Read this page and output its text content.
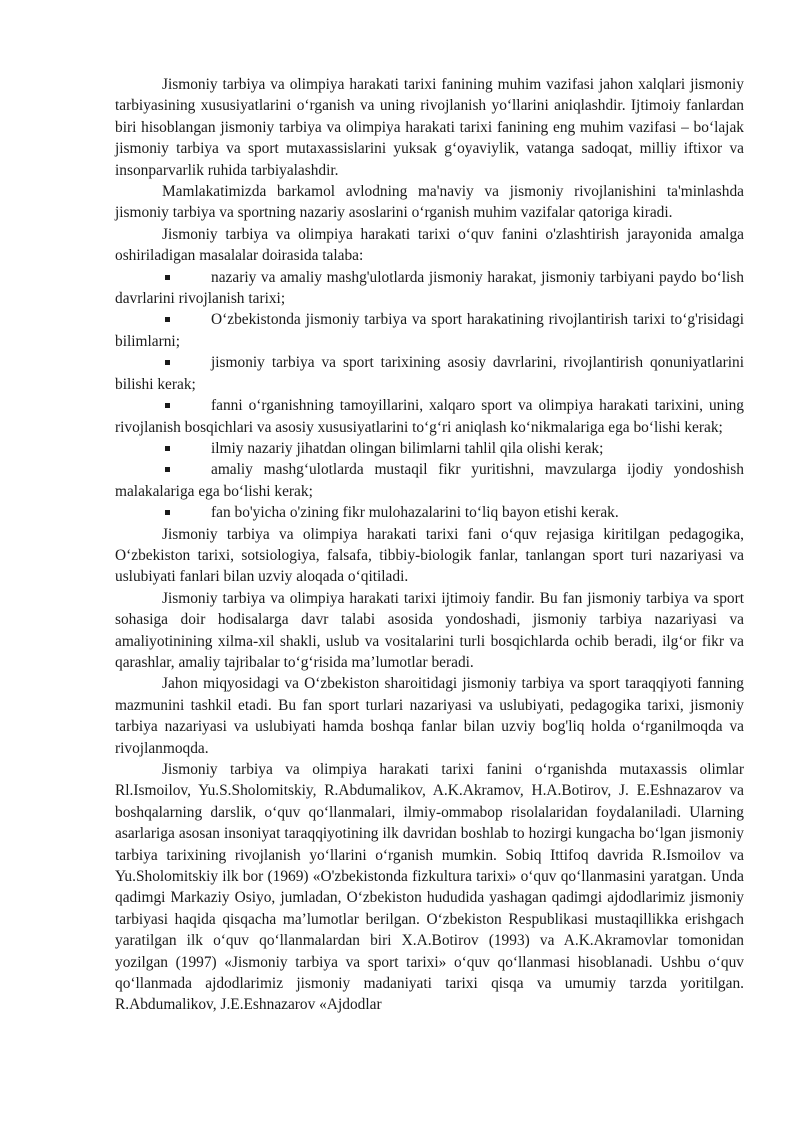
Jismoniy tarbiya va olimpiya harakati tarixi fanining muhim vazifasi jahon xalqlari jismoniy tarbiyasining xususiyatlarini o‘rganish va uning rivojlanish yo‘llarini aniqlashdir. Ijtimoiy fanlardan biri hisoblangan jismoniy tarbiya va olimpiya harakati tarixi fanining eng muhim vazifasi – bo‘lajak jismoniy tarbiya va sport mutaxassislarini yuksak g‘oyaviylik, vatanga sadoqat, milliy iftixor va insonparvarlik ruhida tarbiyalashdir.

Mamlakatimizda barkamol avlodning ma'naviy va jismoniy rivojlanishini ta'minlashda jismoniy tarbiya va sportning nazariy asoslarini o‘rganish muhim vazifalar qatoriga kiradi.

Jismoniy tarbiya va olimpiya harakati tarixi o‘quv fanini o'zlashtirish jarayonida amalga oshiriladigan masalalar doirasida talaba:

nazariy va amaliy mashg'ulotlarda jismoniy harakat, jismoniy tarbiyani paydo bo‘lish davrlarini rivojlanish tarixi;

O‘zbekistonda jismoniy tarbiya va sport harakatining rivojlantirish tarixi to‘g'risidagi bilimlarni;

jismoniy tarbiya va sport tarixining asosiy davrlarini, rivojlantirish qonuniyatlarini bilishi kerak;

fanni o‘rganishning tamoyillarini, xalqaro sport va olimpiya harakati tarixini, uning rivojlanish bosqichlari va asosiy xususiyatlarini to‘g‘ri aniqlash ko‘nikmalariga ega bo‘lishi kerak;

ilmiy nazariy jihatdan olingan bilimlarni tahlil qila olishi kerak;

amaliy mashg‘ulotlarda mustaqil fikr yuritishni, mavzularga ijodiy yondoshish malakalariga ega bo‘lishi kerak;

fan bo'yicha o'zining fikr mulohazalarini to‘liq bayon etishi kerak.

Jismoniy tarbiya va olimpiya harakati tarixi fani o‘quv rejasiga kiritilgan pedagogika, O‘zbekiston tarixi, sotsiologiya, falsafa, tibbiy-biologik fanlar, tanlangan sport turi nazariyasi va uslubiyati fanlari bilan uzviy aloqada o‘qitiladi.

Jismoniy tarbiya va olimpiya harakati tarixi ijtimoiy fandir. Bu fan jismoniy tarbiya va sport sohasiga doir hodisalarga davr talabi asosida yondoshadi, jismoniy tarbiya nazariyasi va amaliyotinining xilma-xil shakli, uslub va vositalarini turli bosqichlarda ochib beradi, ilg‘or fikr va qarashlar, amaliy tajribalar to‘g‘risida ma’lumotlar beradi.

Jahon miqyosidagi va O‘zbekiston sharoitidagi jismoniy tarbiya va sport taraqqiyoti fanning mazmunini tashkil etadi. Bu fan sport turlari nazariyasi va uslubiyati, pedagogika tarixi, jismoniy tarbiya nazariyasi va uslubiyati hamda boshqa fanlar bilan uzviy bog'liq holda o‘rganilmoqda va rivojlanmoqda.

Jismoniy tarbiya va olimpiya harakati tarixi fanini o‘rganishda mutaxassis olimlar Rl.Ismoilov, Yu.S.Sholomitskiy, R.Abdumalikov, A.K.Akramov, H.A.Botirov, J. E.Eshnazarov va boshqalarning darslik, o‘quv qo‘llanmalari, ilmiy-ommabop risolalaridan foydalaniladi. Ularning asarlariga asosan insoniyat taraqqiyotining ilk davridan boshlab to hozirgi kungacha bo‘lgan jismoniy tarbiya tarixining rivojlanish yo‘llarini o‘rganish mumkin. Sobiq Ittifoq davrida R.Ismoilov va Yu.Sholomitskiy ilk bor (1969) «O'zbekistonda fizkultura tarixi» o‘quv qo‘llanmasini yaratgan. Unda qadimgi Markaziy Osiyo, jumladan, O‘zbekiston hududida yashagan qadimgi ajdodlarimiz jismoniy tarbiyasi haqida qisqacha ma’lumotlar berilgan. O‘zbekiston Respublikasi mustaqillikka erishgach yaratilgan ilk o‘quv qo‘llanmalardan biri X.A.Botirov (1993) va A.K.Akramovlar tomonidan yozilgan (1997) «Jismoniy tarbiya va sport tarixi» o‘quv qo‘llanmasi hisoblanadi. Ushbu o‘quv qo‘llanmada ajdodlarimiz jismoniy madaniyati tarixi qisqa va umumiy tarzda yoritilgan. R.Abdumalikov, J.E.Eshnazarov «Ajdodlar
